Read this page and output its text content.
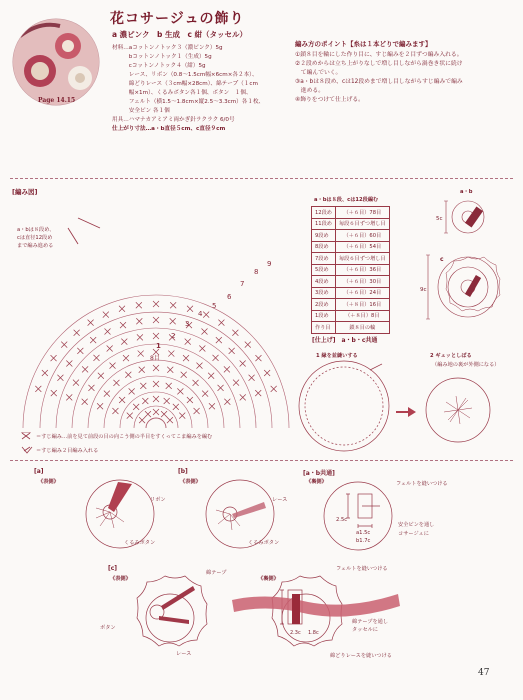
Page 14.15
花コサージュの飾り
a 濃ピンク　b 生成　c 紺（タッセル）
材料…aコットンノトック３（濃ピンク）5g
　　　bコットンノトック１（生成）5g
　　　cコットンノトック４（紺）5g
　　　レース、リボン（0.8〜1.5cm幅×6cm×各２本）、
　　　綿どりレース（３cm幅×28cm）、綿テープ（１cm
　　　幅×1m）、くるみボタン各１個、ボタン　１個、
　　　フェルト（横1.5〜1.8cm×縦2.5〜3.3cm）各１枚、
　　　安全ピン 各１個
用具…ハマナカアミアミ両かぎ針ラクラク 6/0号
仕上がり寸法…a・b直径５cm、c直径９cm
編み方のポイント【糸は１本どりで編みます】
①鎖８目を輪にした作り目に、すじ編みを２目ずつ編み入れる。
②２段めからは立ち上がりなしで増し目しながら渦巻き状に続け
　て編んでいく。
③a・bは８段め、cは12段めまで増し目しながらすじ編みで編み
　進める。
④飾りをつけて仕上げる。
[編み図]
a・bは８段め、
cは直径12段め
まで編み進める
8目
1
2
3
4
5
6
7
8
9
＝すじ編み…前を見て前段の目の向こう側の半目をすくってこま編みを編む
＝すじ編み２目編み入れる
a・bは８段、cは12段編む
12段め	（＋６目）78目
11段め	毎段６目ずつ増し目
9段め	（＋６目）60目
8段め	（＋６目）54目
7段め	毎段６目ずつ増し目
5段め	（＋６目）36目
4段め	（＋６目）30目
3段め	（＋６目）24目
2段め	（＋８目）16目
1段め	（＋８目）8目
作り目	鎖８目の輪
a・b
5c
9c
c
[仕上げ]　a・b・c共通
1 縁を並縫いする	2 ギュッとしぼる
（編み地の裏が外側になる）
[a]
《表側》
リボン
くるみボタン
[b]
《表側》
レース
くるみボタン
[a・b共通]
《裏側》	フェルトを縫いつける
2.5c
a1.5c
b1.7c
安全ピンを通し
コサージュに
[c]
《表側》
綿テープ
ボタン
レース
《裏側》
2.3c 1.8c
フェルトを縫いつける
綿テープを通し
タッセルに
綿どりレースを縫いつける
47
